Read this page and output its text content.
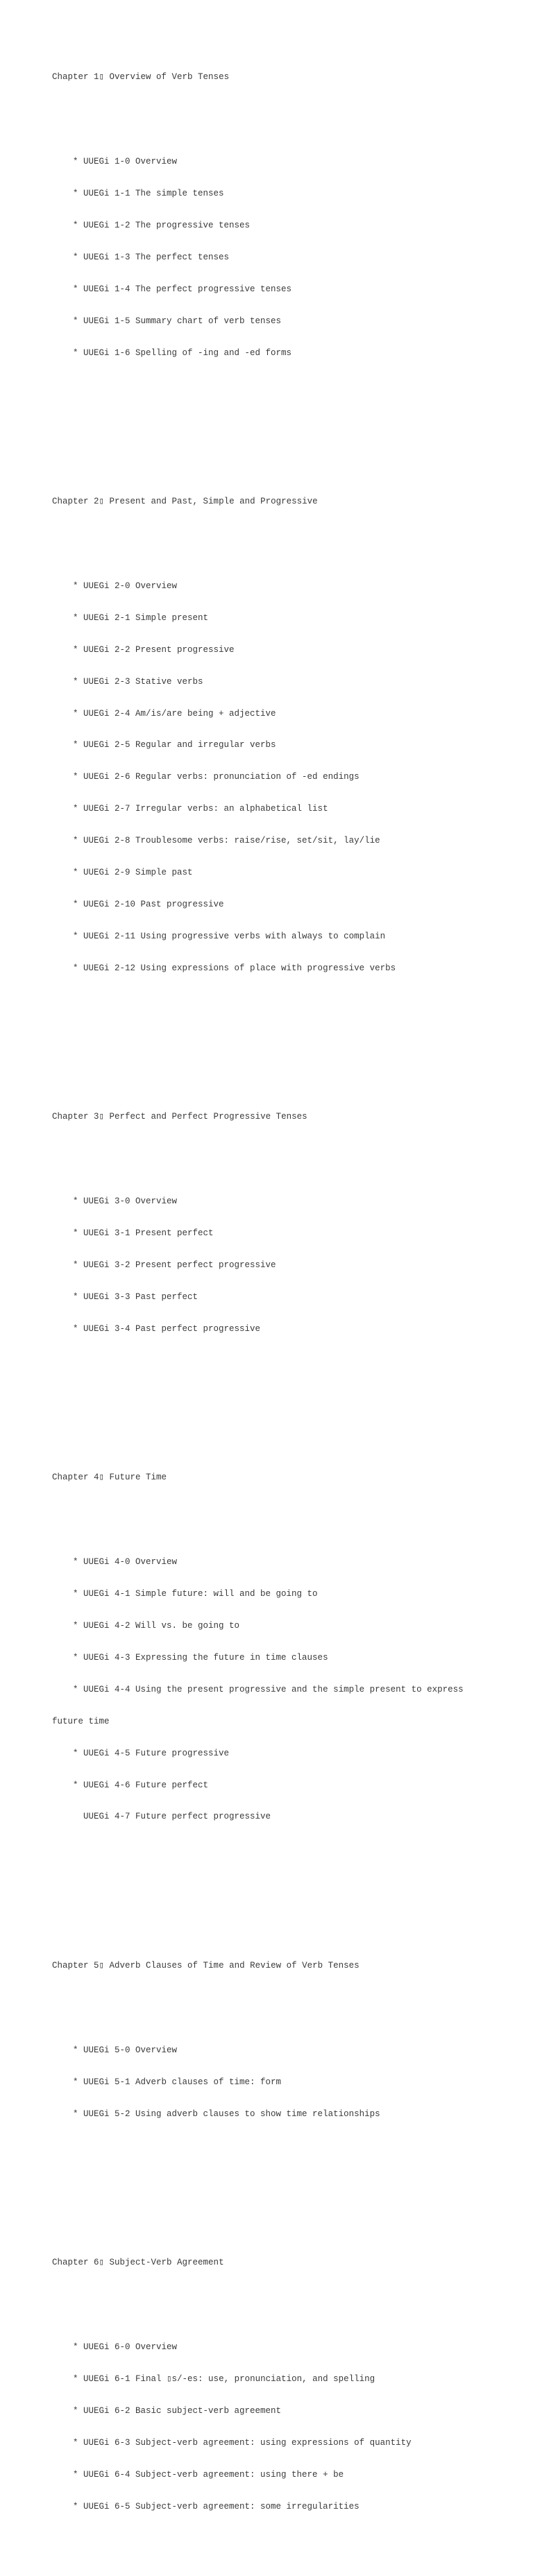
Chapter 1▯ Overview of Verb Tenses

* UUEGi 1-0 Overview

* UUEGi 1-1 The simple tenses

* UUEGi 1-2 The progressive tenses

* UUEGi 1-3 The perfect tenses

* UUEGi 1-4 The perfect progressive tenses

* UUEGi 1-5 Summary chart of verb tenses

* UUEGi 1-6 Spelling of -ing and -ed forms

Chapter 2▯ Present and Past, Simple and Progressive

* UUEGi 2-0 Overview

* UUEGi 2-1 Simple present

* UUEGi 2-2 Present progressive

* UUEGi 2-3 Stative verbs

* UUEGi 2-4 Am/is/are being + adjective

* UUEGi 2-5 Regular and irregular verbs

* UUEGi 2-6 Regular verbs: pronunciation of -ed endings

* UUEGi 2-7 Irregular verbs: an alphabetical list

* UUEGi 2-8 Troublesome verbs: raise/rise, set/sit, lay/lie

* UUEGi 2-9 Simple past

* UUEGi 2-10 Past progressive

* UUEGi 2-11 Using progressive verbs with always to complain

* UUEGi 2-12 Using expressions of place with progressive verbs

Chapter 3▯ Perfect and Perfect Progressive Tenses

* UUEGi 3-0 Overview

* UUEGi 3-1 Present perfect

* UUEGi 3-2 Present perfect progressive

* UUEGi 3-3 Past perfect

* UUEGi 3-4 Past perfect progressive

Chapter 4▯ Future Time

* UUEGi 4-0 Overview

* UUEGi 4-1 Simple future: will and be going to

* UUEGi 4-2 Will vs. be going to

* UUEGi 4-3 Expressing the future in time clauses

* UUEGi 4-4 Using the present progressive and the simple present to express

future time

* UUEGi 4-5 Future progressive

* UUEGi 4-6 Future perfect

UUEGi 4-7 Future perfect progressive

Chapter 5▯ Adverb Clauses of Time and Review of Verb Tenses

* UUEGi 5-0 Overview

* UUEGi 5-1 Adverb clauses of time: form

* UUEGi 5-2 Using adverb clauses to show time relationships

Chapter 6▯ Subject-Verb Agreement

* UUEGi 6-0 Overview

* UUEGi 6-1 Final ▯s/-es: use, pronunciation, and spelling

* UUEGi 6-2 Basic subject-verb agreement

* UUEGi 6-3 Subject-verb agreement: using expressions of quantity

* UUEGi 6-4 Subject-verb agreement: using there + be

* UUEGi 6-5 Subject-verb agreement: some irregularities
